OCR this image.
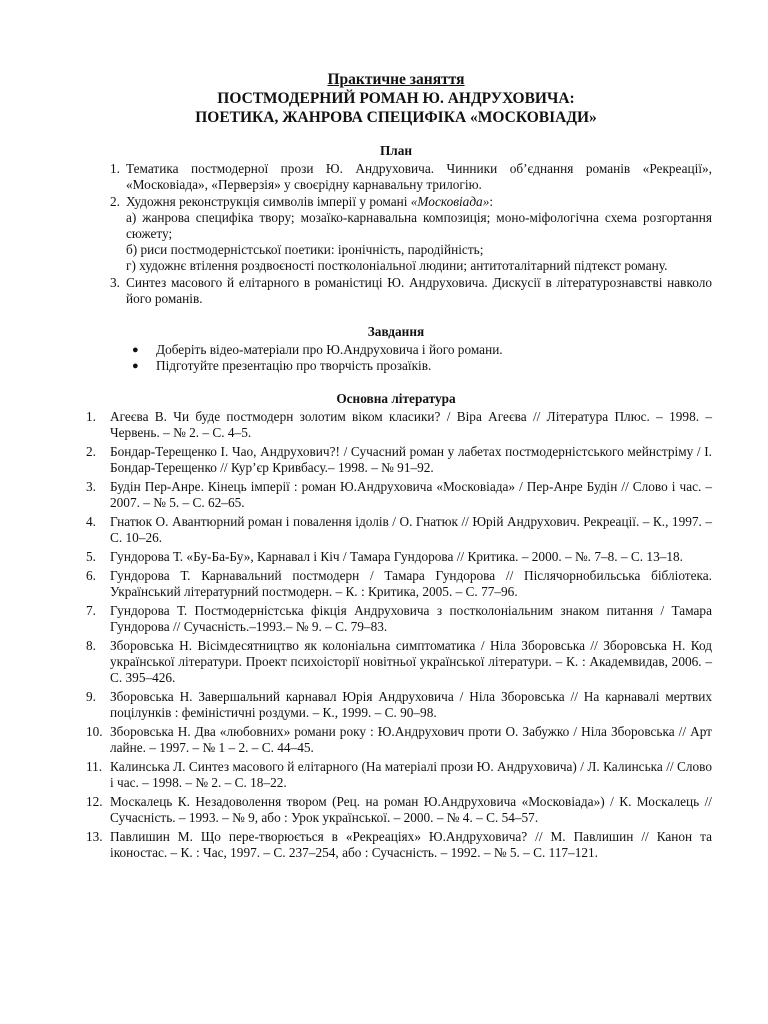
Практичне заняття
ПОСТМОДЕРНИЙ РОМАН Ю. АНДРУХОВИЧА:
ПОЕТИКА, ЖАНРОВА СПЕЦИФІКА «МОСКОВІАДИ»
План
1. Тематика постмодерної прози Ю. Андруховича. Чинники об’єднання романів «Рекреації», «Московіада», «Перверзія» у своєрідну карнавальну трилогію.
2. Художня реконструкція символів імперії у романі «Московіада»:
а) жанрова специфіка твору; мозаїко-карнавальна композиція; моно-міфологічна схема розгортання сюжету;
б) риси постмодерністської поетики: іронічність, пародійність;
г) художнє втілення роздвоєності постколоніальної людини; антитоталітарний підтекст роману.
3. Синтез масового й елітарного в романістиці Ю. Андруховича. Дискусії в літературознавстві навколо його романів.
Завдання
● Доберіть відео-матеріали про Ю.Андруховича і його романи.
● Підготуйте презентацію про творчість прозаїків.
Основна література
1. Агеєва В. Чи буде постмодерн золотим віком класики? / Віра Агеєва // Література Плюс. – 1998. – Червень. – № 2. – С. 4–5.
2. Бондар-Терещенко І. Чао, Андрухович?! / Сучасний роман у лабетах постмодерністського мейнстріму / І. Бондар-Терещенко // Кур’єр Кривбасу.– 1998. – № 91–92.
3. Будін Пер-Анре. Кінець імперії : роман Ю.Андруховича «Московіада» / Пер-Анре Будін // Слово і час. – 2007. – № 5. – С. 62–65.
4. Гнатюк О. Авантюрний роман і повалення ідолів / О. Гнатюк // Юрій Андрухович. Рекреації. – К., 1997. – С. 10–26.
5. Гундорова Т. «Бу-Ба-Бу», Карнавал і Кіч / Тамара Гундорова // Критика. – 2000. – №. 7–8. – С. 13–18.
6. Гундорова Т. Карнавальний постмодерн / Тамара Гундорова // Післячорнобильська бібліотека. Український літературний постмодерн. – К. : Критика, 2005. – С. 77–96.
7. Гундорова Т. Постмодерністська фікція Андруховича з постколоніальним знаком питання / Тамара Гундорова // Сучасність.–1993.– № 9. – С. 79–83.
8. Зборовська Н. Вісімдесятництво як колоніальна симптоматика / Ніла Зборовська // Зборовська Н. Код української літератури. Проект психоісторії новітньої української літератури. – К. : Академвидав, 2006. – С. 395–426.
9. Зборовська Н. Завершальний карнавал Юрія Андруховича / Ніла Зборовська // На карнавалі мертвих поцілунків : феміністичні роздуми. – К., 1999. – С. 90–98.
10. Зборовська Н. Два «любовних» романи року : Ю.Андрухович проти О. Забужко / Ніла Зборовська // Арт лайне. – 1997. – № 1 – 2. – С. 44–45.
11. Калинська Л. Синтез масового й елітарного (На матеріалі прози Ю. Андруховича) / Л. Калинська // Слово і час. – 1998. – № 2. – С. 18–22.
12. Москалець К. Незадоволення твором (Рец. на роман Ю.Андруховича «Московіада») / К. Москалець // Сучасність. – 1993. – № 9, або : Урок української. – 2000. – № 4. – С. 54–57.
13. Павлишин М. Що пере-творюється в «Рекреаціях» Ю.Андруховича? // М. Павлишин // Канон та іконостас. – К. : Час, 1997. – С. 237–254, або : Сучасність. – 1992. – № 5. – С. 117–121.
